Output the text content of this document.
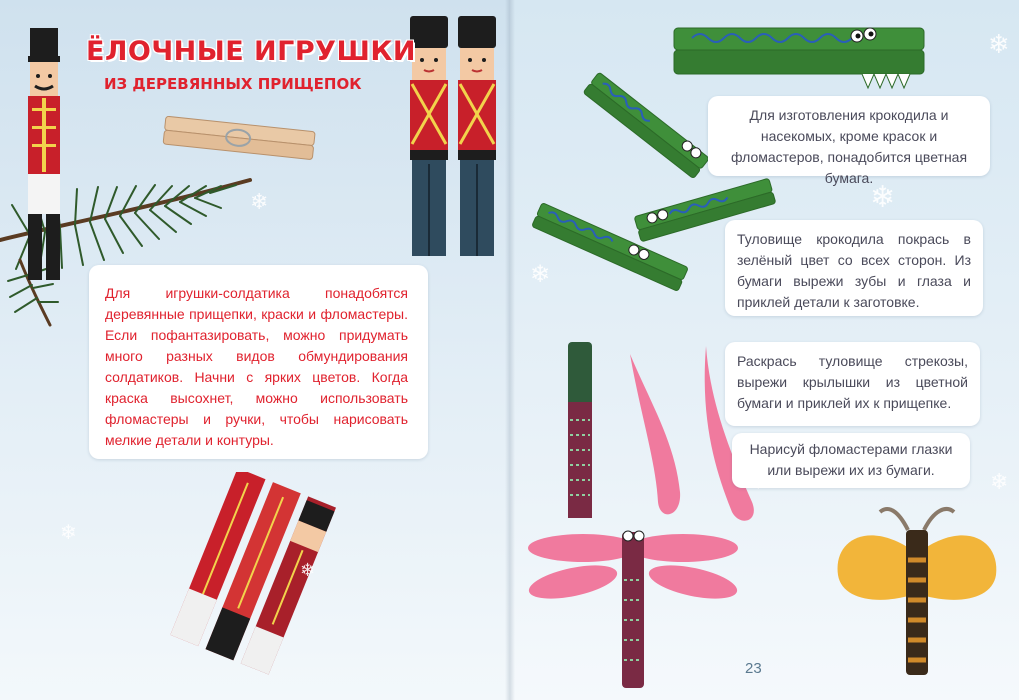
❄
❄
❄
ЁЛОЧНЫЕ ИГРУШКИ
ИЗ ДЕРЕВЯННЫХ ПРИЩЕПОК

Для игрушки-солдатика понадобятся деревянные прищепки, краски и фломастеры. Если пофантазировать, можно придумать много разных видов обмундирования солдатиков. Начни с ярких цветов. Когда краска высохнет, можно использовать фломастеры и ручки, чтобы нарисовать мелкие детали и контуры.

❄
❄
❄
❄

Для изготовления крокодила и насекомых, кроме красок и фломастеров, понадобится цветная бумага.

Туловище крокодила покрась в зелёный цвет со всех сторон. Из бумаги вырежи зубы и глаза и приклей детали к заготовке.

Раскрась туловище стрекозы, вырежи крылышки из цветной бумаги и приклей их к прищепке.

Нарисуй фломастерами глазки или вырежи их из бумаги.

23
